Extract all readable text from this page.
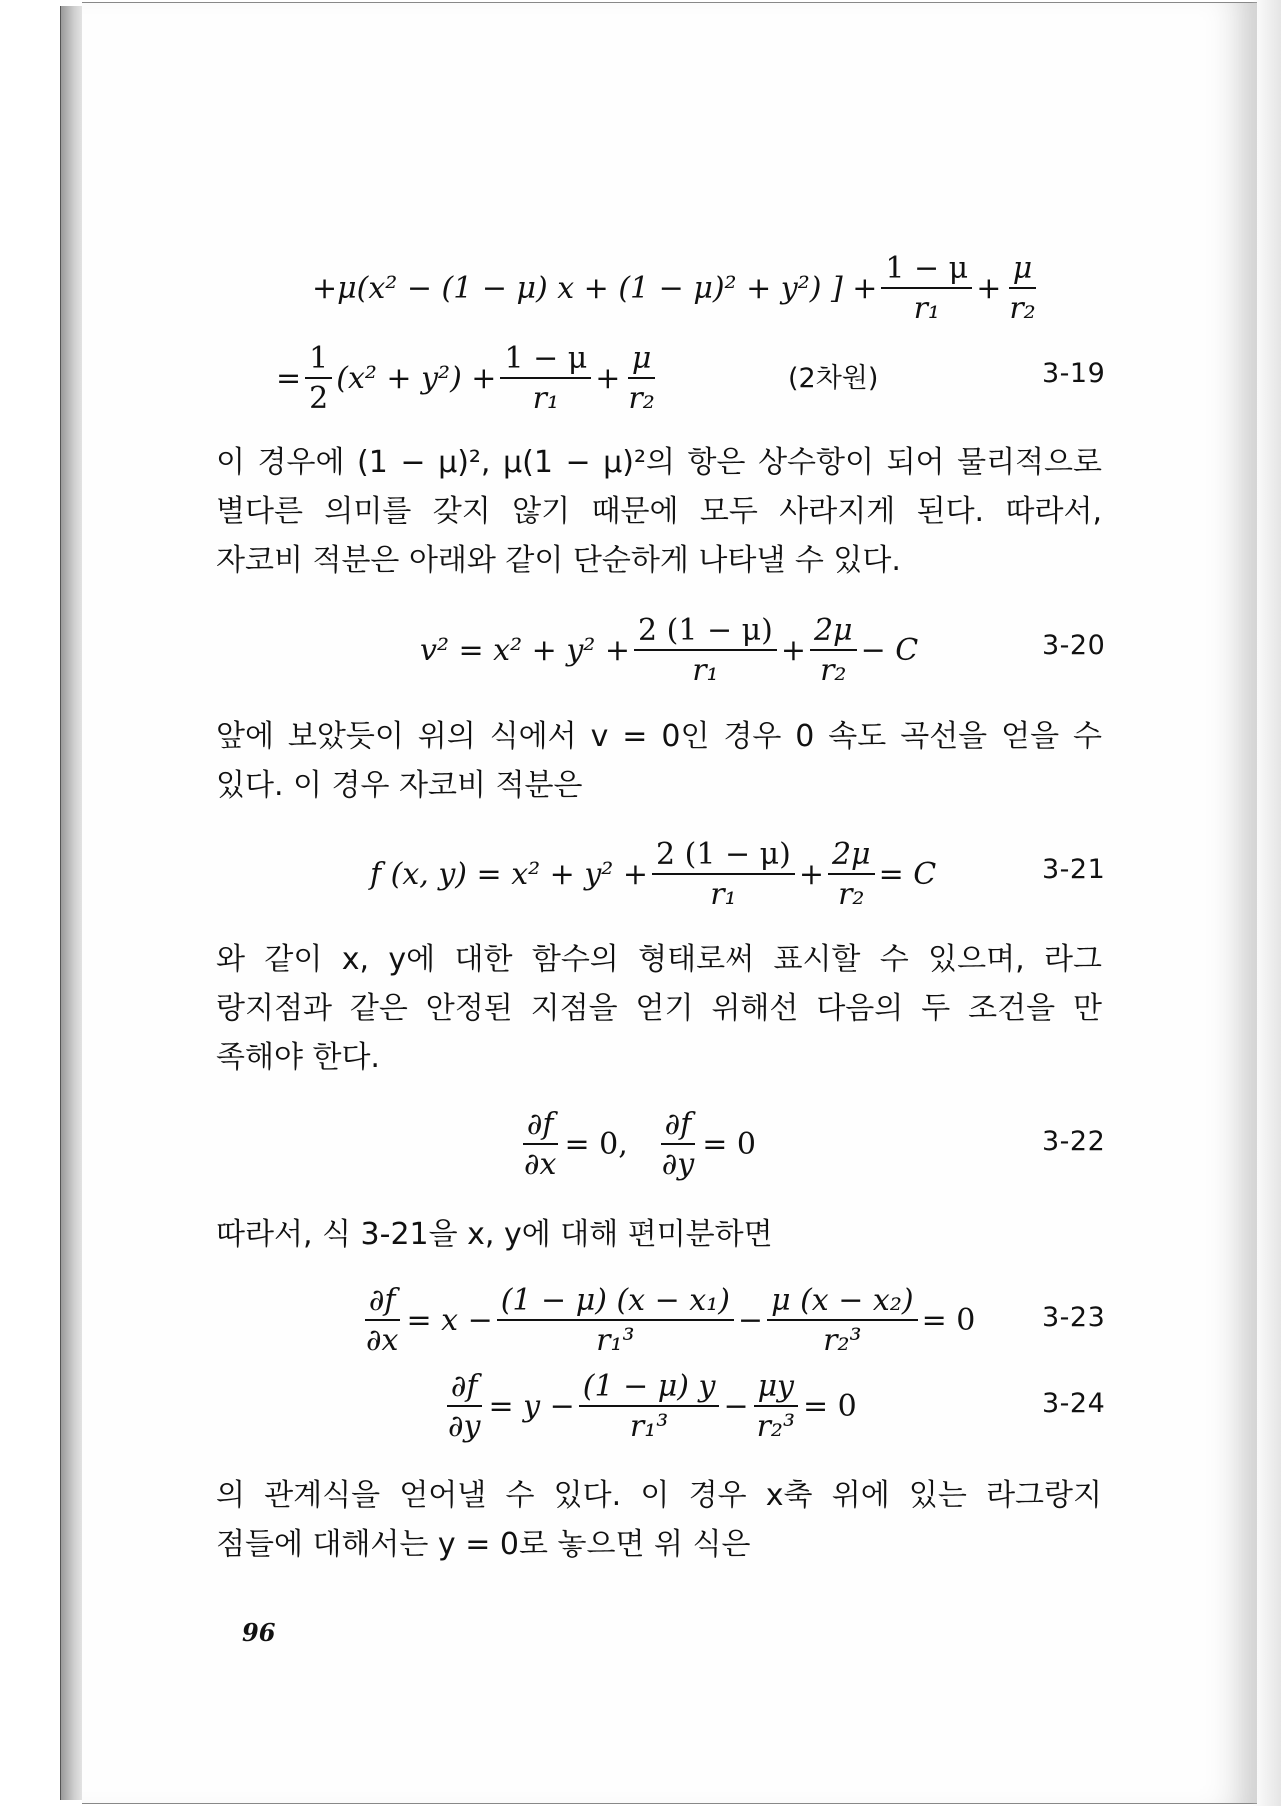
+μ(x² − (1 − μ) x + (1 − μ)² + y²) ] + $\frac{1 - \mu}{\text{r₁}} + \frac{\mu}{\text{r₂}}$
= $\frac{1}{2} (x^2 + y^2) + \frac{1 - \mu}{\text{r₁}} + \frac{\mu}{\text{r₂}}$	(2차원)	3-19
이 경우에 (1 − μ)², μ(1 − μ)²의 항은 상수항이 되어 물리적으로
별다른 의미를 갖지 않기 때문에 모두 사라지게 된다. 따라서,
자코비 적분은 아래와 같이 단순하게 나타낼 수 있다.
$v^2 = x^2 + y^2 + \frac{2 (1 - \mu)}{\text{r₁}} + \frac{2\mu}{\text{r₂}} - C$	3-20
앞에 보았듯이 위의 식에서 v = 0인 경우 0 속도 곡선을 얻을 수
있다. 이 경우 자코비 적분은
f (x, $y) = x^2 + y^2 + \frac{2 (1 - \mu)}{\text{r₁}} + \frac{2\mu}{\text{r₂}} = C$	3-21
와 같이 x, y에 대한 함수의 형태로써 표시할 수 있으며, 라그
랑지점과 같은 안정된 지점을 얻기 위해선 다음의 두 조건을 만
족해야 한다.
$\frac{\partial f}{\partial x} = 0$, $\frac{\partial f}{\partial y} = 0$	3-22
따라서, 식 3-21을 x, y에 대해 편미분하면
$\frac{\partial f}{\partial x} = x - \frac{\text{(1 − μ) (x − x₁)}}{\text{r₁³}} - \frac{\text{μ (x − x₂)}}{\text{r₂³}} = 0$ 3-23
$\frac{\partial f}{\partial y} = y - \frac{(1 - \mu) y}{\text{r₁³}} - \frac{\mu y}{\text{r₂³}} = 0$	3-24
의 관계식을 얻어낼 수 있다. 이 경우 x축 위에 있는 라그랑지
점들에 대해서는 y = 0로 놓으면 위 식은
96
